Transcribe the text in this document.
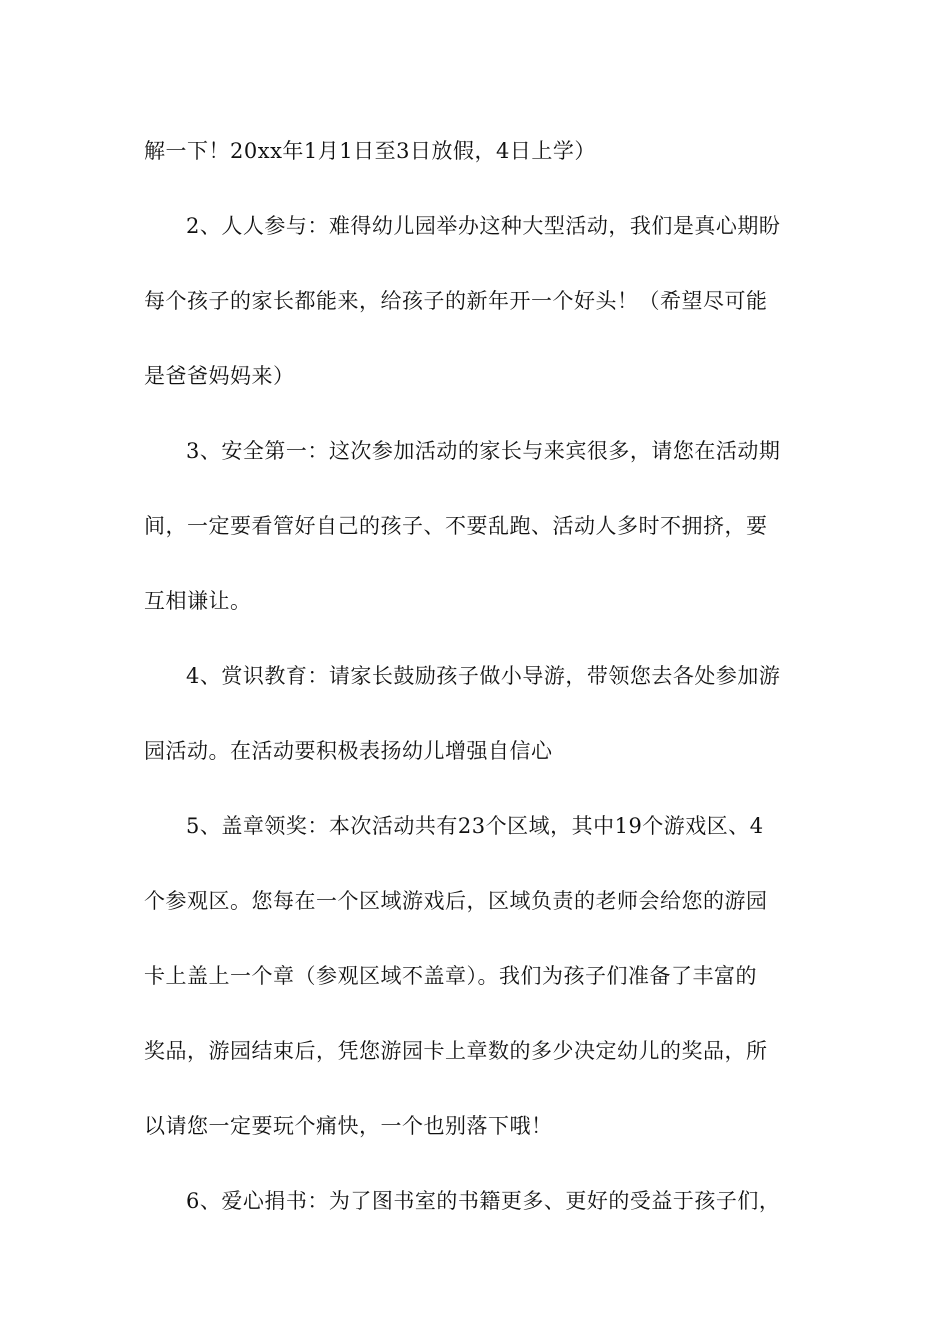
解一下！20xx年1月1日至3日放假，4日上学）
2、人人参与：难得幼儿园举办这种大型活动，我们是真心期盼
每个孩子的家长都能来，给孩子的新年开一个好头！（希望尽可能
是爸爸妈妈来）
3、安全第一：这次参加活动的家长与来宾很多，请您在活动期
间，一定要看管好自己的孩子、不要乱跑、活动人多时不拥挤，要
互相谦让。
4、赏识教育：请家长鼓励孩子做小导游，带领您去各处参加游
园活动。在活动要积极表扬幼儿增强自信心
5、盖章领奖：本次活动共有23个区域，其中19个游戏区、4
个参观区。您每在一个区域游戏后，区域负责的老师会给您的游园
卡上盖上一个章（参观区域不盖章）。我们为孩子们准备了丰富的
奖品，游园结束后，凭您游园卡上章数的多少决定幼儿的奖品，所
以请您一定要玩个痛快，一个也别落下哦！
6、爱心捐书：为了图书室的书籍更多、更好的受益于孩子们，
